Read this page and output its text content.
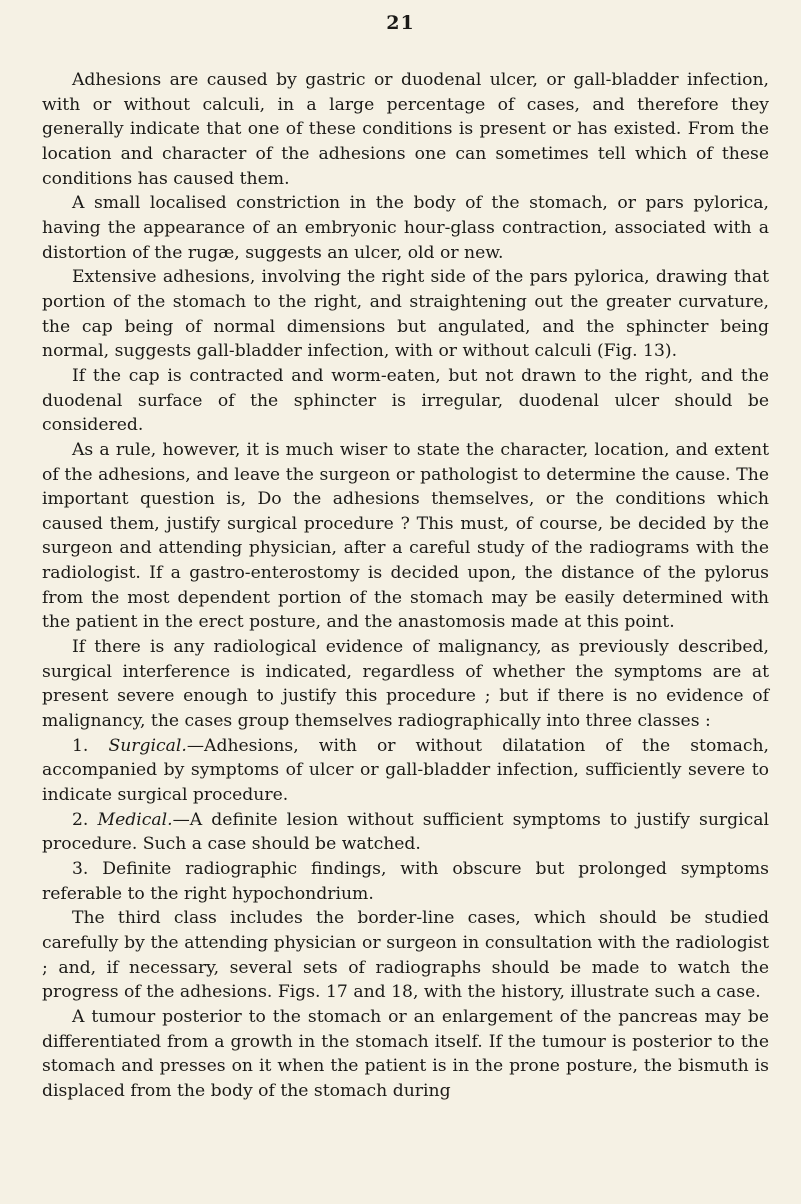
21

Adhesions are caused by gastric or duodenal ulcer, or gall-bladder infection, with or without calculi, in a large percentage of cases, and therefore they generally indicate that one of these conditions is present or has existed. From the location and character of the adhesions one can sometimes tell which of these conditions has caused them.

A small localised constriction in the body of the stomach, or pars pylorica, having the appearance of an embryonic hour-glass contraction, associated with a distortion of the rugæ, suggests an ulcer, old or new.

Extensive adhesions, involving the right side of the pars pylorica, drawing that portion of the stomach to the right, and straightening out the greater curvature, the cap being of normal dimensions but angulated, and the sphincter being normal, suggests gall-bladder infection, with or without calculi (Fig. 13).

If the cap is contracted and worm-eaten, but not drawn to the right, and the duodenal surface of the sphincter is irregular, duodenal ulcer should be considered.

As a rule, however, it is much wiser to state the character, location, and extent of the adhesions, and leave the surgeon or pathologist to determine the cause. The important question is, Do the adhesions themselves, or the conditions which caused them, justify surgical procedure ? This must, of course, be decided by the surgeon and attending physician, after a careful study of the radiograms with the radiologist. If a gastro-enterostomy is decided upon, the distance of the pylorus from the most dependent portion of the stomach may be easily determined with the patient in the erect posture, and the anastomosis made at this point.

If there is any radiological evidence of malignancy, as previously described, surgical interference is indicated, regardless of whether the symptoms are at present severe enough to justify this procedure ; but if there is no evidence of malignancy, the cases group themselves radiographically into three classes :

1. Surgical.—Adhesions, with or without dilatation of the stomach, accompanied by symptoms of ulcer or gall-bladder infection, sufficiently severe to indicate surgical procedure.

2. Medical.—A definite lesion without sufficient symptoms to justify surgical procedure. Such a case should be watched.

3. Definite radiographic findings, with obscure but prolonged symptoms referable to the right hypochondrium.

The third class includes the border-line cases, which should be studied carefully by the attending physician or surgeon in consultation with the radiologist ; and, if necessary, several sets of radiographs should be made to watch the progress of the adhesions. Figs. 17 and 18, with the history, illustrate such a case.

A tumour posterior to the stomach or an enlargement of the pancreas may be differentiated from a growth in the stomach itself. If the tumour is posterior to the stomach and presses on it when the patient is in the prone posture, the bismuth is displaced from the body of the stomach during
